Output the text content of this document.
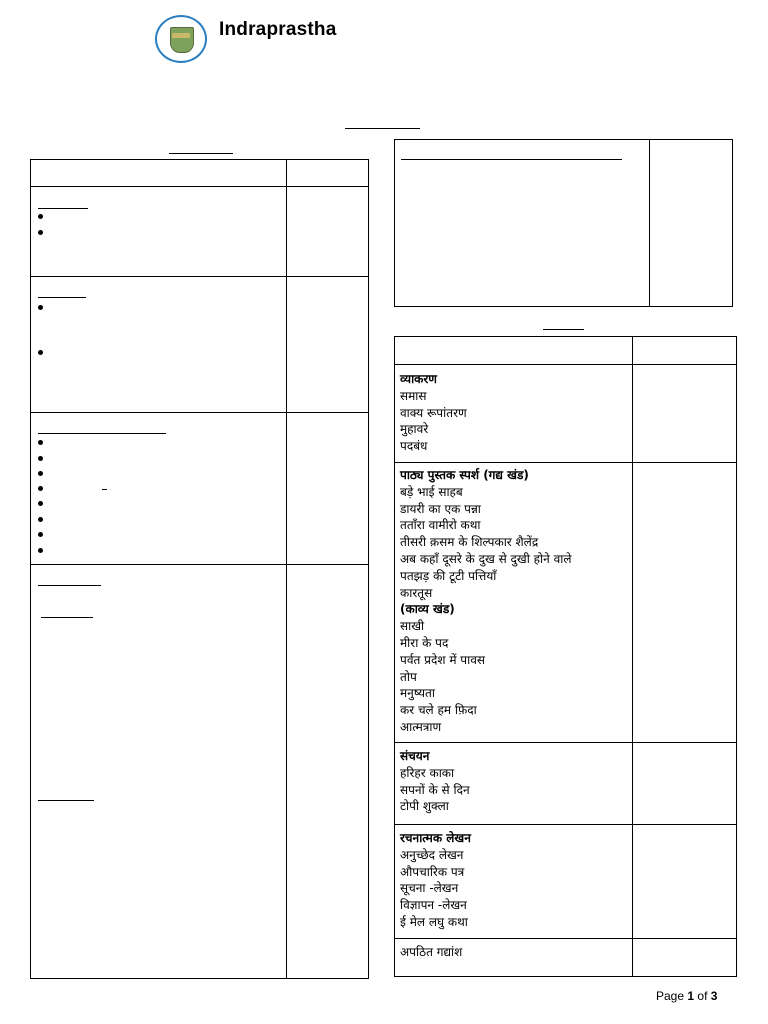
Indraprastha
व्याकरण
समास
वाक्य रूपांतरण
मुहावरे
पदबंध
पाठ्य पुस्तक स्पर्श (गद्य खंड)
बड़े भाई साहब
डायरी का एक पन्ना
तताँरा वामीरो कथा
तीसरी क़सम के शिल्पकार शैलेंद्र
अब कहाँ दूसरे के दुख से दुखी होने वाले
पतझड़ की टूटी पत्तियाँ
कारतूस
(काव्य खंड)
साखी
मीरा के पद
पर्वत प्रदेश में पावस
तोप
मनुष्यता
कर चले हम फ़िदा
आत्मत्राण
संचयन
हरिहर काका
सपनों के से दिन
टोपी शुक्ला
रचनात्मक लेखन
अनुच्छेद लेखन
औपचारिक पत्र
सूचना -लेखन
विज्ञापन -लेखन
ई मेल लघु कथा
अपठित गद्यांश
Page 1 of 3
